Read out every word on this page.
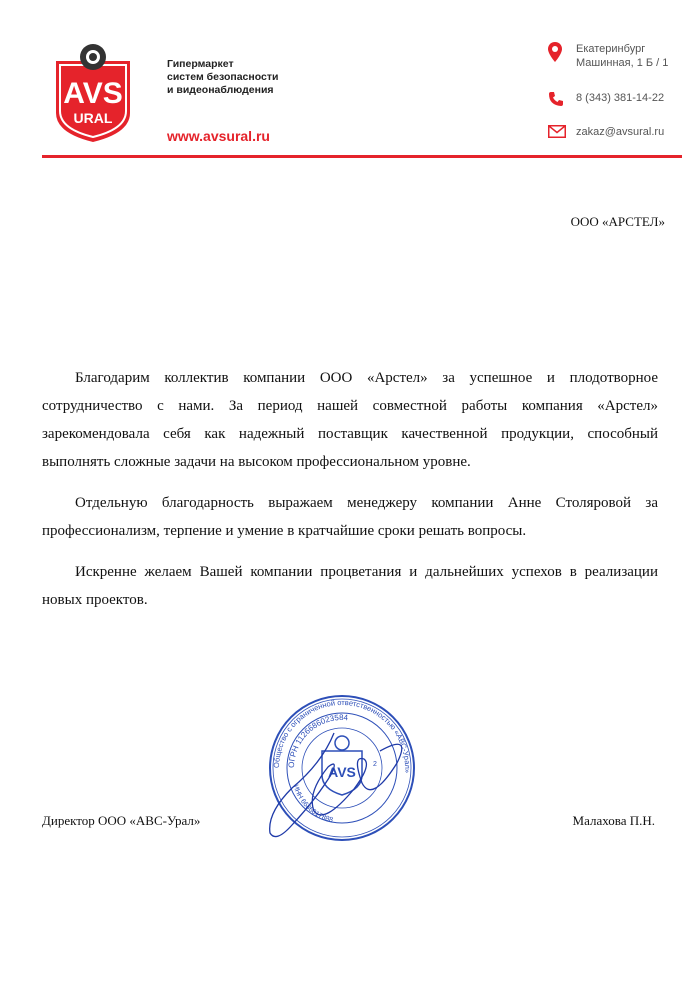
AVS
URAL
Гипермаркет
систем безопасности
и видеонаблюдения
www.avsural.ru
Екатеринбург
Машинная, 1 Б / 1
8 (343) 381-14-22
zakaz@avsural.ru
ООО «АРСТЕЛ»

Благодарим коллектив компании ООО «Арстел» за успешное и плодотворное сотрудничество с нами. За период нашей совместной работы компания «Арстел» зарекомендовала себя как надежный поставщик качественной продукции, способный выполнять сложные задачи на высоком профессиональном уровне.

Отдельную благодарность выражаем менеджеру компании Анне Столяровой за профессионализм, терпение и умение в кратчайшие сроки решать вопросы.

Искренне желаем Вашей компании процветания и дальнейших успехов в реализации новых проектов.

Общество с ограниченной ответственностью «АВС-Урал»
ОГРН 1126686023584
ИНН 6686017888
AVS 2
Директор ООО «АВС-Урал»	Малахова П.Н.
